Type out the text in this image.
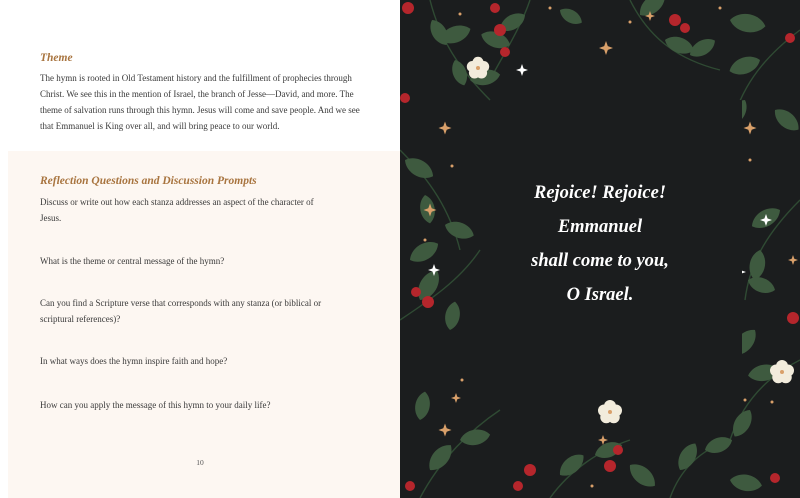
Theme

The hymn is rooted in Old Testament history and the fulfillment of prophecies through Christ. We see this in the mention of Israel, the branch of Jesse—David, and more. The theme of salvation runs through this hymn. Jesus will come and save people. And we see that Emmanuel is King over all, and will bring peace to our world.

Reflection Questions and Discussion Prompts

Discuss or write out how each stanza addresses an aspect of the character of Jesus.

What is the theme or central message of the hymn?

Can you find a Scripture verse that corresponds with any stanza (or biblical or scriptural references)?

In what ways does the hymn inspire faith and hope?

How can you apply the message of this hymn to your daily life?

10

Rejoice! Rejoice!
Emmanuel
shall come to you,
O Israel.
